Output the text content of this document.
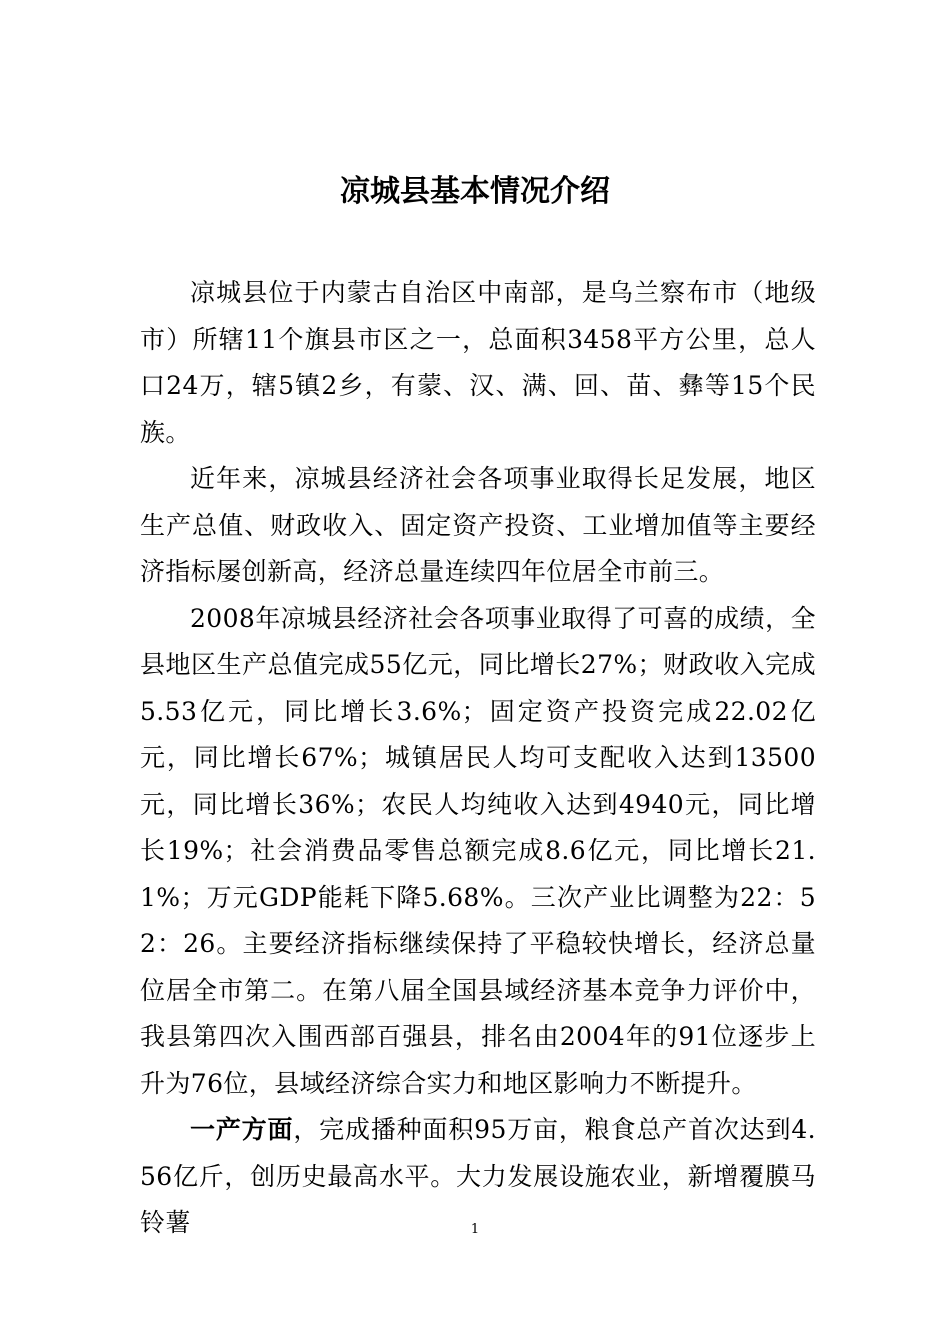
凉城县基本情况介绍

凉城县位于内蒙古自治区中南部，是乌兰察布市（地级市）所辖11个旗县市区之一，总面积3458平方公里，总人口24万，辖5镇2乡，有蒙、汉、满、回、苗、彝等15个民族。

近年来，凉城县经济社会各项事业取得长足发展，地区生产总值、财政收入、固定资产投资、工业增加值等主要经济指标屡创新高，经济总量连续四年位居全市前三。

2008年凉城县经济社会各项事业取得了可喜的成绩，全县地区生产总值完成55亿元，同比增长27%；财政收入完成5.53亿元，同比增长3.6%；固定资产投资完成22.02亿元，同比增长67%；城镇居民人均可支配收入达到13500元，同比增长36%；农民人均纯收入达到4940元，同比增长19%；社会消费品零售总额完成8.6亿元，同比增长21.1%；万元GDP能耗下降5.68%。三次产业比调整为22：52：26。主要经济指标继续保持了平稳较快增长，经济总量位居全市第二。在第八届全国县域经济基本竞争力评价中，我县第四次入围西部百强县，排名由2004年的91位逐步上升为76位，县域经济综合实力和地区影响力不断提升。

一产方面，完成播种面积95万亩，粮食总产首次达到4.56亿斤，创历史最高水平。大力发展设施农业，新增覆膜马铃薯	1
